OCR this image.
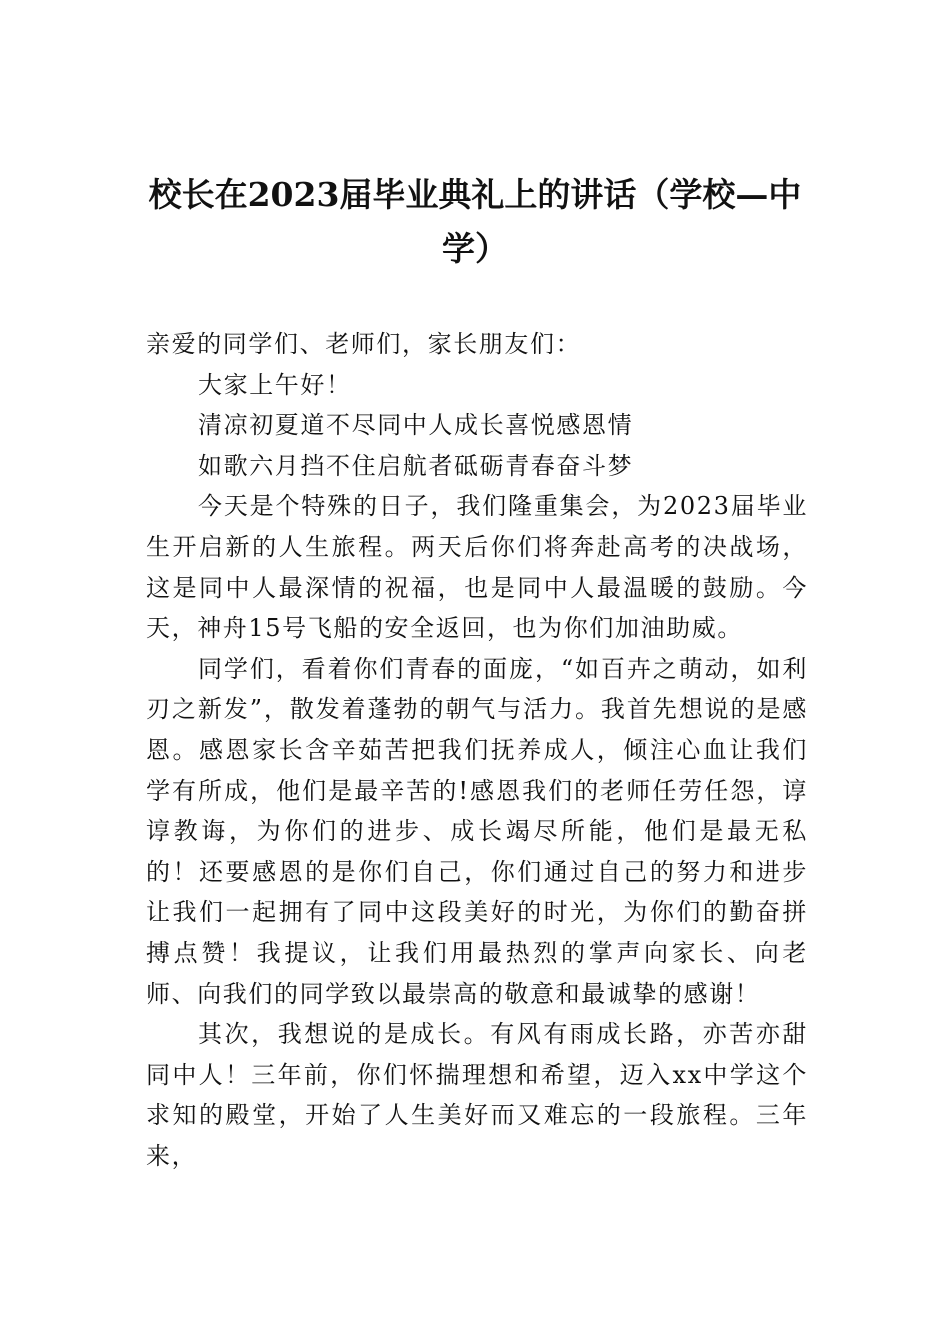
校长在2023届毕业典礼上的讲话（学校—中学）

亲爱的同学们、老师们，家长朋友们：

大家上午好！

清凉初夏道不尽同中人成长喜悦感恩情

如歌六月挡不住启航者砥砺青春奋斗梦

今天是个特殊的日子，我们隆重集会，为2023届毕业生开启新的人生旅程。两天后你们将奔赴高考的决战场，这是同中人最深情的祝福，也是同中人最温暖的鼓励。今天，神舟15号飞船的安全返回，也为你们加油助威。

同学们，看着你们青春的面庞，“如百卉之萌动，如利刃之新发”，散发着蓬勃的朝气与活力。我首先想说的是感恩。感恩家长含辛茹苦把我们抚养成人，倾注心血让我们学有所成，他们是最辛苦的!感恩我们的老师任劳任怨，谆谆教诲，为你们的进步、成长竭尽所能，他们是最无私的！还要感恩的是你们自己，你们通过自己的努力和进步让我们一起拥有了同中这段美好的时光，为你们的勤奋拼搏点赞！我提议，让我们用最热烈的掌声向家长、向老师、向我们的同学致以最崇高的敬意和最诚挚的感谢！

其次，我想说的是成长。有风有雨成长路，亦苦亦甜同中人！三年前，你们怀揣理想和希望，迈入xx中学这个求知的殿堂，开始了人生美好而又难忘的一段旅程。三年来，
